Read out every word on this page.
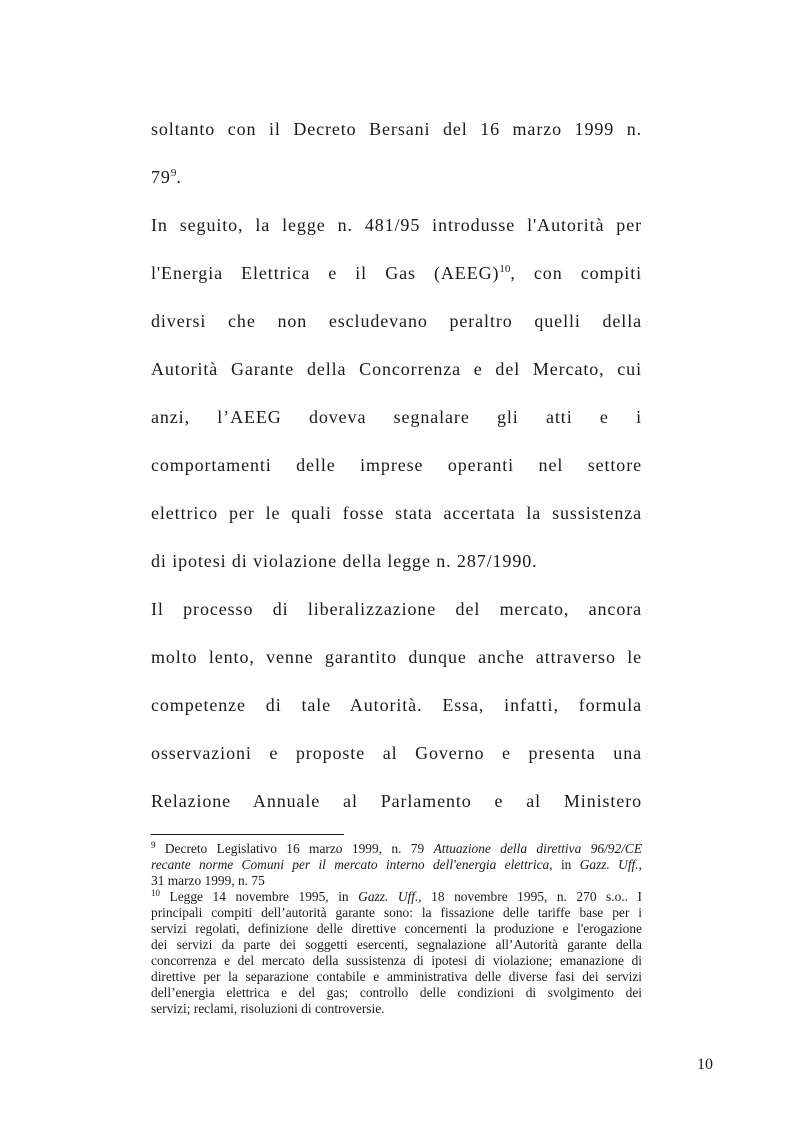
soltanto con il Decreto Bersani del 16 marzo 1999 n.
$79^9$.
In seguito, la legge n. 481/95 introdusse l'Autorità per
l'Energia Elettrica e il Gas (AEEG)$^{10}$, con compiti
diversi che non escludevano peraltro quelli della
Autorità Garante della Concorrenza e del Mercato, cui
anzi, l’AEEG doveva segnalare gli atti e i
comportamenti delle imprese operanti nel settore
elettrico per le quali fosse stata accertata la sussistenza
di ipotesi di violazione della legge n. 287/1990.
Il processo di liberalizzazione del mercato, ancora
molto lento, venne garantito dunque anche attraverso le
competenze di tale Autorità. Essa, infatti, formula
osservazioni e proposte al Governo e presenta una
Relazione Annuale al Parlamento e al Ministero
$^9$ Decreto Legislativo 16 marzo 1999, n. 79 Attuazione della direttiva 96/92/CE
recante norme Comuni per il mercato interno dell'energia elettrica, in Gazz. Uff.,
31 marzo 1999, n. 75
$^{10}$ Legge 14 novembre 1995, in Gazz. Uff., 18 novembre 1995, n. 270 s.o.. I
principali compiti dell’autorità garante sono: la fissazione delle tariffe base per i
servizi regolati, definizione delle direttive concernenti la produzione e l'erogazione
dei servizi da parte dei soggetti esercenti, segnalazione all’Autorità garante della
concorrenza e del mercato della sussistenza di ipotesi di violazione; emanazione di
direttive per la separazione contabile e amministrativa delle diverse fasi dei servizi
dell’energia elettrica e del gas; controllo delle condizioni di svolgimento dei
servizi; reclami, risoluzioni di controversie.
10
